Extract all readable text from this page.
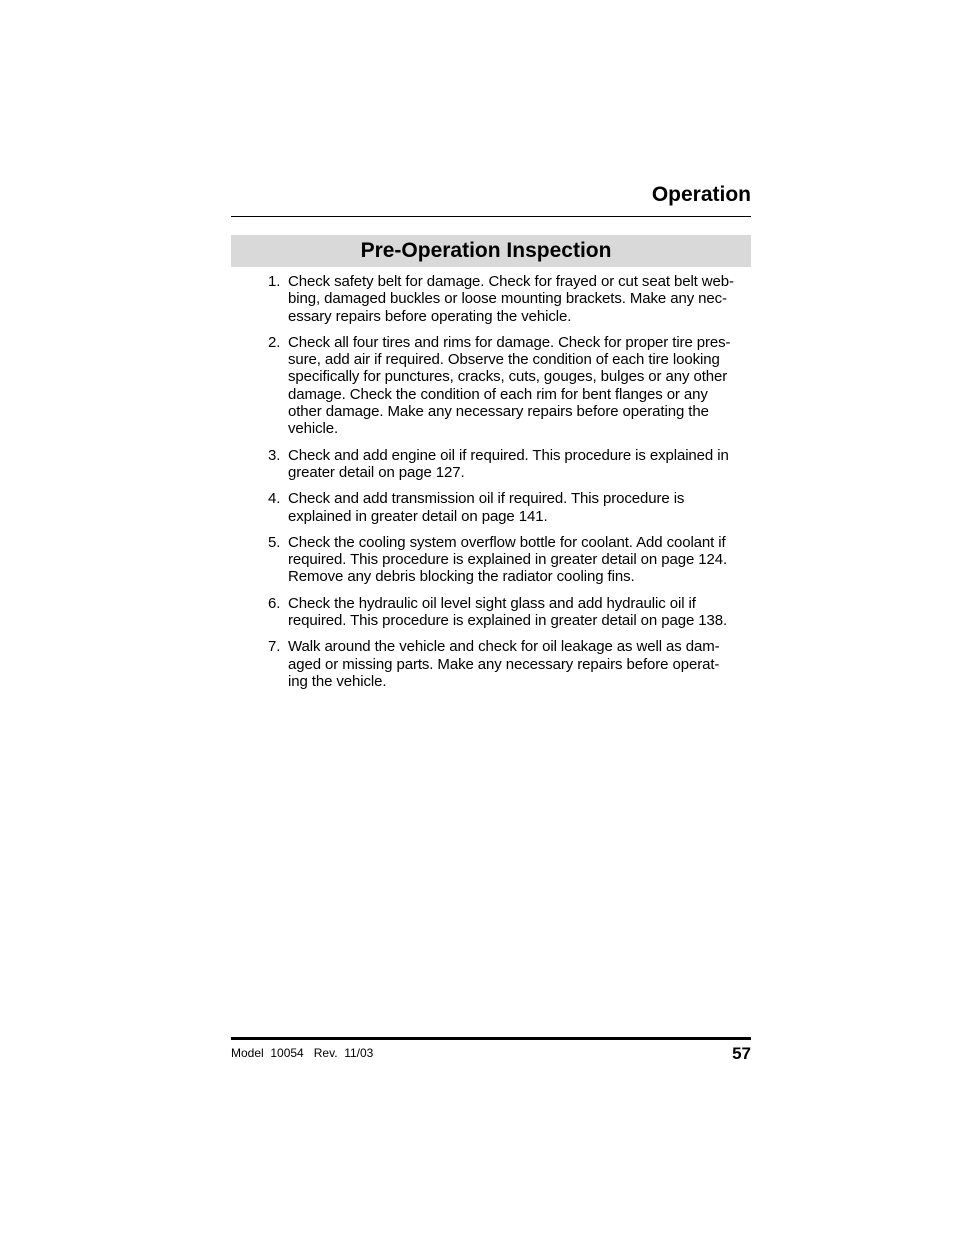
Operation
Pre-Operation Inspection
1. Check safety belt for damage. Check for frayed or cut seat belt web-
bing, damaged buckles or loose mounting brackets. Make any nec-
essary repairs before operating the vehicle.
2. Check all four tires and rims for damage. Check for proper tire pres-
sure, add air if required. Observe the condition of each tire looking
specifically for punctures, cracks, cuts, gouges, bulges or any other
damage. Check the condition of each rim for bent flanges or any
other damage. Make any necessary repairs before operating the
vehicle.
3. Check and add engine oil if required. This procedure is explained in
greater detail on page 127.
4. Check and add transmission oil if required. This procedure is
explained in greater detail on page 141.
5. Check the cooling system overflow bottle for coolant. Add coolant if
required. This procedure is explained in greater detail on page 124.
Remove any debris blocking the radiator cooling fins.
6. Check the hydraulic oil level sight glass and add hydraulic oil if
required. This procedure is explained in greater detail on page 138.
7. Walk around the vehicle and check for oil leakage as well as dam-
aged or missing parts. Make any necessary repairs before operat-
ing the vehicle.
Model  10054 Rev.  11/03	57
